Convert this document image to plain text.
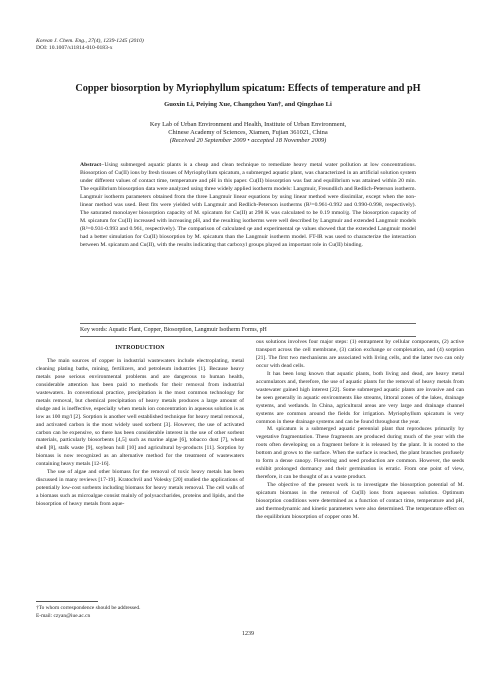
Korean J. Chem. Eng., 27(4), 1239-1245 (2010)
DOI: 10.1007/s11814-010-0183-x
Copper biosorption by Myriophyllum spicatum: Effects of temperature and pH
Guoxin Li, Peiying Xue, Changzhou Yan†, and Qingzhao Li
Key Lab of Urban Environment and Health, Institute of Urban Environment,
Chinese Academy of Sciences, Xiamen, Fujian 361021, China
(Received 20 September 2009 • accepted 18 November 2009)
Abstract−Using submerged aquatic plants is a cheap and clean technique to remediate heavy metal water pollution at low concentrations. Biosorption of Cu(II) ions by fresh tissues of Myriophyllum spicatum, a submerged aquatic plant, was characterized in an artificial solution system under different values of contact time, temperature and pH in this paper. Cu(II) biosorption was fast and equilibrium was attained within 20 min. The equilibrium biosorption data were analyzed using three widely applied isotherm models: Langmuir, Freundlich and Redlich-Peterson isotherm. Langmuir isotherm parameters obtained from the three Langmuir linear equations by using linear method were dissimilar, except when the non-linear method was used. Best fits were yielded with Langmuir and Redlich-Peterson isotherms (R²=0.961-0.992 and 0.990-0.998, respectively). The saturated monolayer biosorption capacity of M. spicatum for Cu(II) at 298 K was calculated to be 0.19 mmol/g. The biosorption capacity of M. spicatum for Cu(II) increased with increasing pH, and the resulting isotherms were well described by Langmuir and extended Langmuir models (R²=0.931-0.993 and 0.961, respectively). The comparison of calculated qe and experimental qe values showed that the extended Langmuir model had a better simulation for Cu(II) biosorption by M. spicatum than the Langmuir isotherm model. FT-IR was used to characterize the interaction between M. spicatum and Cu(II), with the results indicating that carboxyl groups played an important role in Cu(II) binding.
Key words: Aquatic Plant, Copper, Biosorption, Langmuir Isotherm Forms, pH
INTRODUCTION

The main sources of copper in industrial wastewaters include electroplating, metal cleaning plating baths, mining, fertilizers, and petroleum industries [1]. Because heavy metals pose serious environmental problems and are dangerous to human health, considerable attention has been paid to methods for their removal from industrial wastewaters. In conventional practice, precipitation is the most common technology for metals removal, but chemical precipitation of heavy metals produces a large amount of sludge and is ineffective, especially when metals ion concentration in aqueous solution is as low as 100 mg/l [2]. Sorption is another well established technique for heavy metal removal, and activated carbon is the most widely used sorbent [3]. However, the use of activated carbon can be expensive, so there has been considerable interest in the use of other sorbent materials, particularly biosorbents [4,5] such as marine algae [6], tobacco dust [7], wheat shell [8], stalk waste [9], soybean hull [10] and agricultural by-products [11]. Sorption by biomass is now recognized as an alternative method for the treatment of wastewaters containing heavy metals [12-16].

The use of algae and other biomass for the removal of toxic heavy metals has been discussed in many reviews [17-19]. Kratochvil and Volesky [20] studied the applications of potentially low-cost sorbents including biomass for heavy metals removal. The cell walls of a biomass such as microalgae consist mainly of polysaccharides, proteins and lipids, and the biosorption of heavy metals from aque-

ous solutions involves four major steps: (1) entrapment by cellular components, (2) active transport across the cell membrane, (3) cation exchange or complexation, and (4) sorption [21]. The first two mechanisms are associated with living cells, and the latter two can only occur with dead cells.

It has been long known that aquatic plants, both living and dead, are heavy metal accumulators and, therefore, the use of aquatic plants for the removal of heavy metals from wastewater gained high interest [22]. Some submerged aquatic plants are invasive and can be seen generally in aquatic environments like streams, littoral zones of the lakes, drainage systems, and wetlands. In China, agricultural areas are very large and drainage channel systems are common around the fields for irrigation. Myriophyllum spicatum is very common in these drainage systems and can be found throughout the year.

M. spicatum is a submerged aquatic perennial plant that reproduces primarily by vegetative fragmentation. These fragments are produced during much of the year with the roots often developing on a fragment before it is released by the plant. It is rooted to the bottom and grows to the surface. When the surface is reached, the plant branches profusely to form a dense canopy. Flowering and seed production are common. However, the seeds exhibit prolonged dormancy and their germination is erratic. From one point of view, therefore, it can be thought of as a waste product.

The objective of the present work is to investigate the biosorption potential of M. spicatum biomass in the removal of Cu(II) ions from aqueous solution. Optimum biosorption conditions were determined as a function of contact time, temperature and pH, and thermodynamic and kinetic parameters were also determined. The temperature effect on the equilibrium biosorption of copper onto M.

†To whom correspondence should be addressed.
E-mail: czyan@iue.ac.cn
1239
